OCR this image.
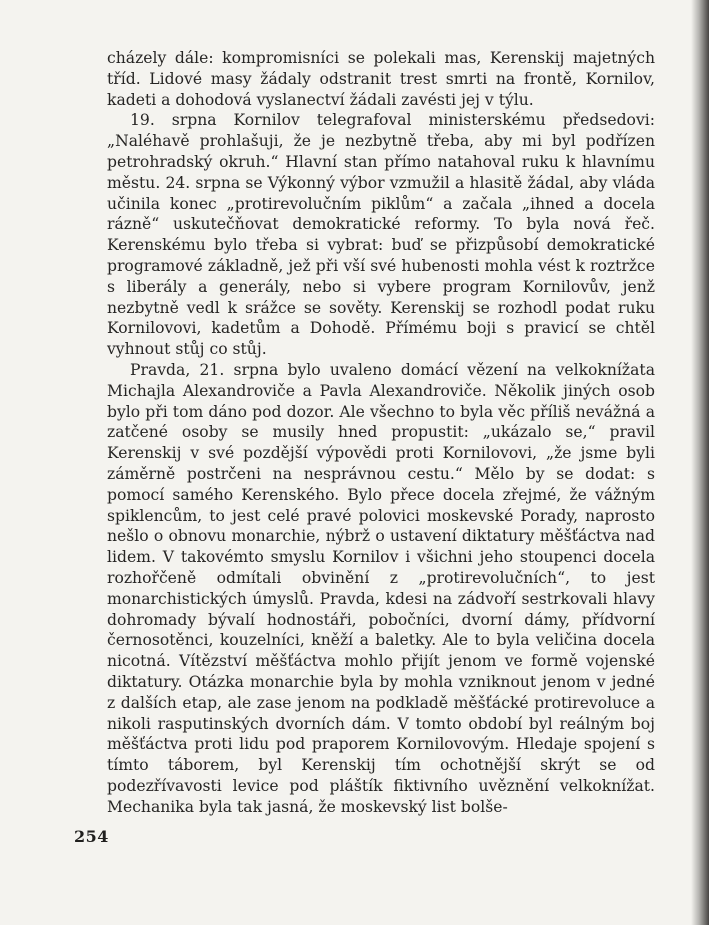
cházely dále: kompromisníci se polekali mas, Kerenskij majetných tříd. Lidové masy žádaly odstranit trest smrti na frontě, Kornilov, kadeti a dohodová vyslanectví žádali zavésti jej v týlu.

19. srpna Kornilov telegrafoval ministerskému předsedovi: „Naléhavě prohlašuji, že je nezbytně třeba, aby mi byl podřízen petrohradský okruh.“ Hlavní stan přímo natahoval ruku k hlavnímu městu. 24. srpna se Výkonný výbor vzmužil a hlasitě žádal, aby vláda učinila konec „protirevolučním piklům“ a začala „ihned a docela rázně“ uskutečňovat demokratické reformy. To byla nová řeč. Kerenskému bylo třeba si vybrat: buď se přizpůsobí demokratické programové základně, jež při vší své hubenosti mohla vést k roztržce s liberály a generály, nebo si vybere program Kornilovův, jenž nezbytně vedl k srážce se sověty. Kerenskij se rozhodl podat ruku Kornilovovi, kadetům a Dohodě. Přímému boji s pravicí se chtěl vyhnout stůj co stůj.

Pravda, 21. srpna bylo uvaleno domácí vězení na velkoknížata Michajla Alexandroviče a Pavla Alexandroviče. Několik jiných osob bylo při tom dáno pod dozor. Ale všechno to byla věc příliš nevážná a zatčené osoby se musily hned propustit: „ukázalo se,“ pravil Kerenskij v své pozdější výpovědi proti Kornilovovi, „že jsme byli záměrně postrčeni na nesprávnou cestu.“ Mělo by se dodat: s pomocí samého Kerenského. Bylo přece docela zřejmé, že vážným spiklencům, to jest celé pravé polovici moskevské Porady, naprosto nešlo o obnovu monarchie, nýbrž o ustavení diktatury měšťáctva nad lidem. V takovémto smyslu Kornilov i všichni jeho stoupenci docela rozhořčeně odmítali obvinění z „protirevolučních“, to jest monarchistických úmyslů. Pravda, kdesi na zádvoří sestrkovali hlavy dohromady bývalí hodnostáři, pobočníci, dvorní dámy, přídvorní černosotěnci, kouzelníci, kněží a baletky. Ale to byla veličina docela nicotná. Vítězství měšťáctva mohlo přijít jenom ve formě vojenské diktatury. Otázka monarchie byla by mohla vzniknout jenom v jedné z dalších etap, ale zase jenom na podkladě měšťácké protirevoluce a nikoli rasputinských dvorních dám. V tomto období byl reálným boj měšťáctva proti lidu pod praporem Kornilovovým. Hledaje spojení s tímto táborem, byl Kerenskij tím ochotnější skrýt se od podezřívavosti levice pod pláštík fiktivního uvěznění velkoknížat. Mechanika byla tak jasná, že moskevský list bolše-

254
